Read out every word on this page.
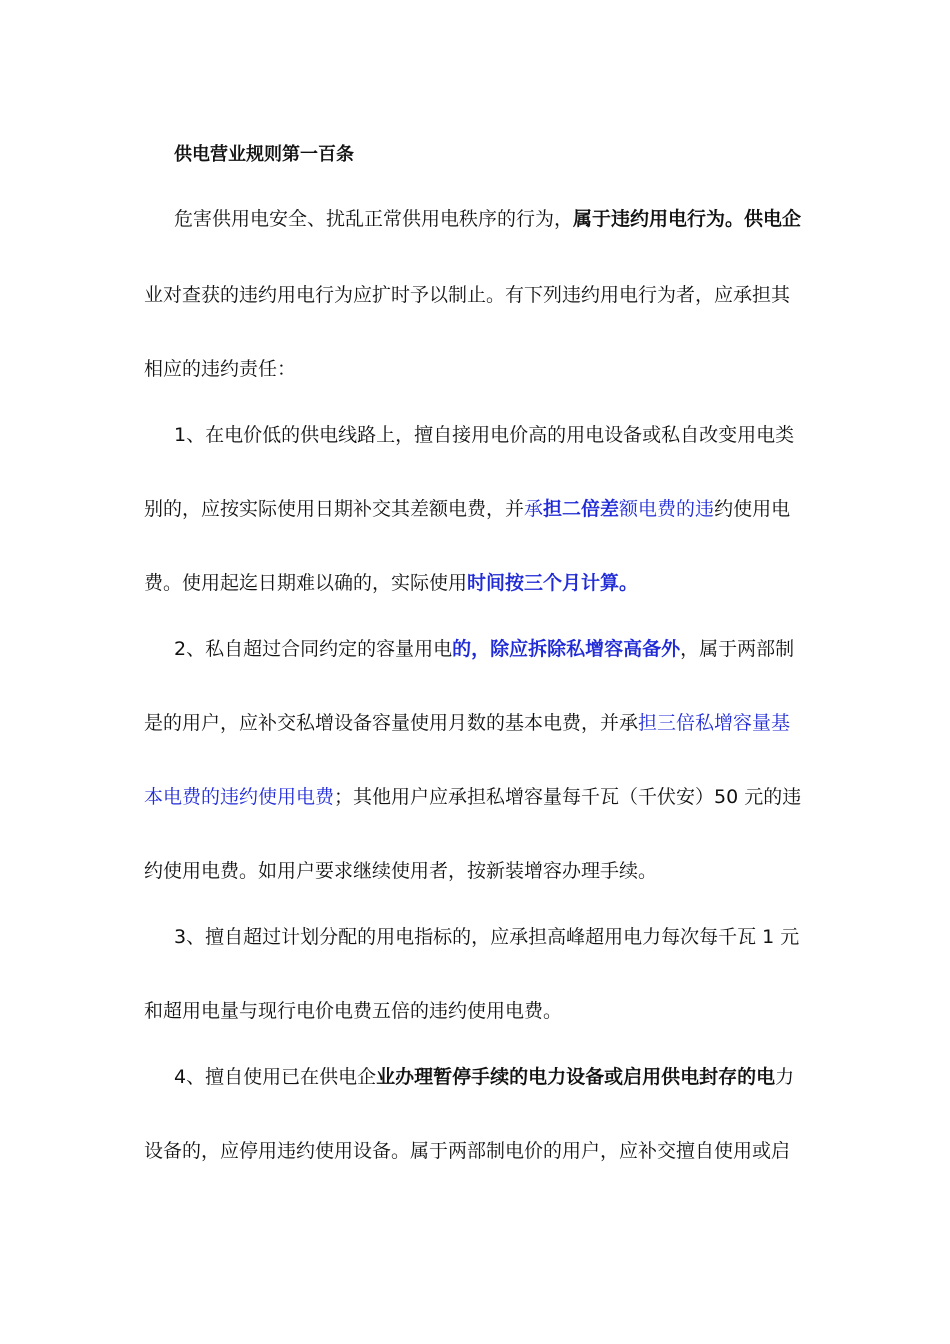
供电营业规则第一百条
危害供用电安全、扰乱正常供用电秩序的行为，属于违约用电行为。供电企
业对查获的违约用电行为应扩时予以制止。有下列违约用电行为者，应承担其
相应的违约责任：
1、在电价低的供电线路上，擅自接用电价高的用电设备或私自改变用电类
别的，应按实际使用日期补交其差额电费，并承担二倍差额电费的违约使用电
费。使用起迄日期难以确的，实际使用时间按三个月计算。
2、私自超过合同约定的容量用电的，除应拆除私增容高备外，属于两部制
是的用户，应补交私增设备容量使用月数的基本电费，并承担三倍私增容量基
本电费的违约使用电费；其他用户应承担私增容量每千瓦（千伏安）50 元的违
约使用电费。如用户要求继续使用者，按新装增容办理手续。
3、擅自超过计划分配的用电指标的，应承担高峰超用电力每次每千瓦 1 元
和超用电量与现行电价电费五倍的违约使用电费。
4、擅自使用已在供电企业办理暂停手续的电力设备或启用供电封存的电力
设备的，应停用违约使用设备。属于两部制电价的用户，应补交擅自使用或启
